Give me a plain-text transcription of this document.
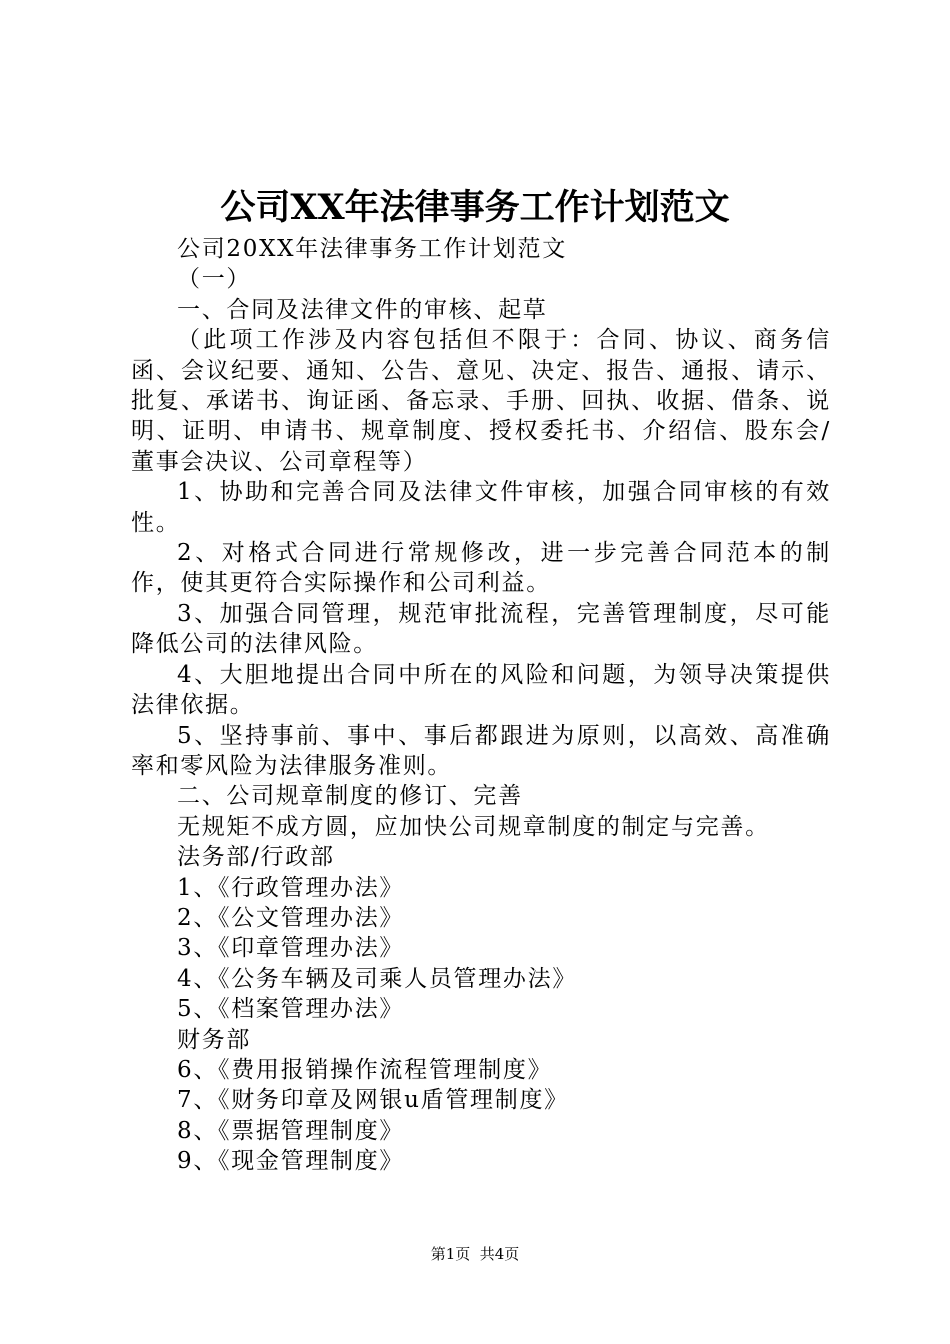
公司XX年法律事务工作计划范文

公司20XX年法律事务工作计划范文

（一）

一、合同及法律文件的审核、起草

（此项工作涉及内容包括但不限于：合同、协议、商务信函、会议纪要、通知、公告、意见、决定、报告、通报、请示、批复、承诺书、询证函、备忘录、手册、回执、收据、借条、说明、证明、申请书、规章制度、授权委托书、介绍信、股东会/董事会决议、公司章程等）

1、协助和完善合同及法律文件审核，加强合同审核的有效性。

2、对格式合同进行常规修改，进一步完善合同范本的制作，使其更符合实际操作和公司利益。

3、加强合同管理，规范审批流程，完善管理制度，尽可能降低公司的法律风险。

4、大胆地提出合同中所在的风险和问题，为领导决策提供法律依据。

5、坚持事前、事中、事后都跟进为原则，以高效、高准确率和零风险为法律服务准则。

二、公司规章制度的修订、完善

无规矩不成方圆，应加快公司规章制度的制定与完善。

法务部/行政部

1、《行政管理办法》

2、《公文管理办法》

3、《印章管理办法》

4、《公务车辆及司乘人员管理办法》

5、《档案管理办法》

财务部

6、《费用报销操作流程管理制度》

7、《财务印章及网银u盾管理制度》

8、《票据管理制度》

9、《现金管理制度》

第1页  共4页
